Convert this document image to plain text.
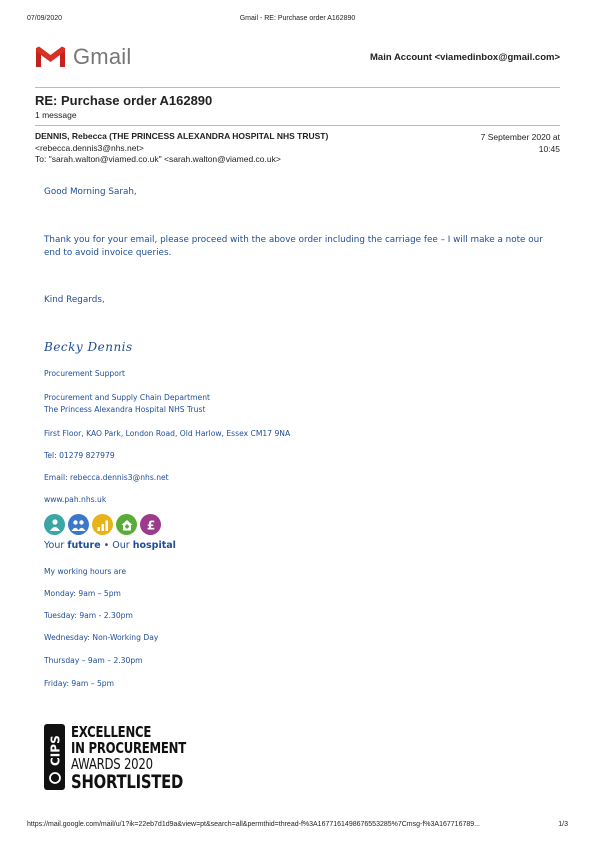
07/09/2020	Gmail - RE: Purchase order A162890
Gmail	Main Account <viamedinbox@gmail.com>
RE: Purchase order A162890
1 message
DENNIS, Rebecca (THE PRINCESS ALEXANDRA HOSPITAL NHS TRUST)
<rebecca.dennis3@nhs.net>
To: "sarah.walton@viamed.co.uk" <sarah.walton@viamed.co.uk>
7 September 2020 at
10:45
Good Morning Sarah,
Thank you for your email, please proceed with the above order including the carriage fee – I will make a note our end to avoid invoice queries.
Kind Regards,
Becky Dennis
Procurement Support
Procurement and Supply Chain Department
The Princess Alexandra Hospital NHS Trust
First Floor, KAO Park, London Road, Old Harlow, Essex CM17 9NA
Tel: 01279 827979
Email: rebecca.dennis3@nhs.net
www.pah.nhs.uk
£
Your future • Our hospital
My working hours are
Monday: 9am – 5pm
Tuesday: 9am - 2.30pm
Wednesday: Non-Working Day
Thursday – 9am – 2.30pm
Friday: 9am – 5pm
CIPS
EXCELLENCE
IN PROCUREMENT
AWARDS 2020
SHORTLISTED
https://mail.google.com/mail/u/1?ik=22eb7d1d9a&view=pt&search=all&permthid=thread-f%3A1677161498676553285%7Cmsg-f%3A16771678​9...	1/3
